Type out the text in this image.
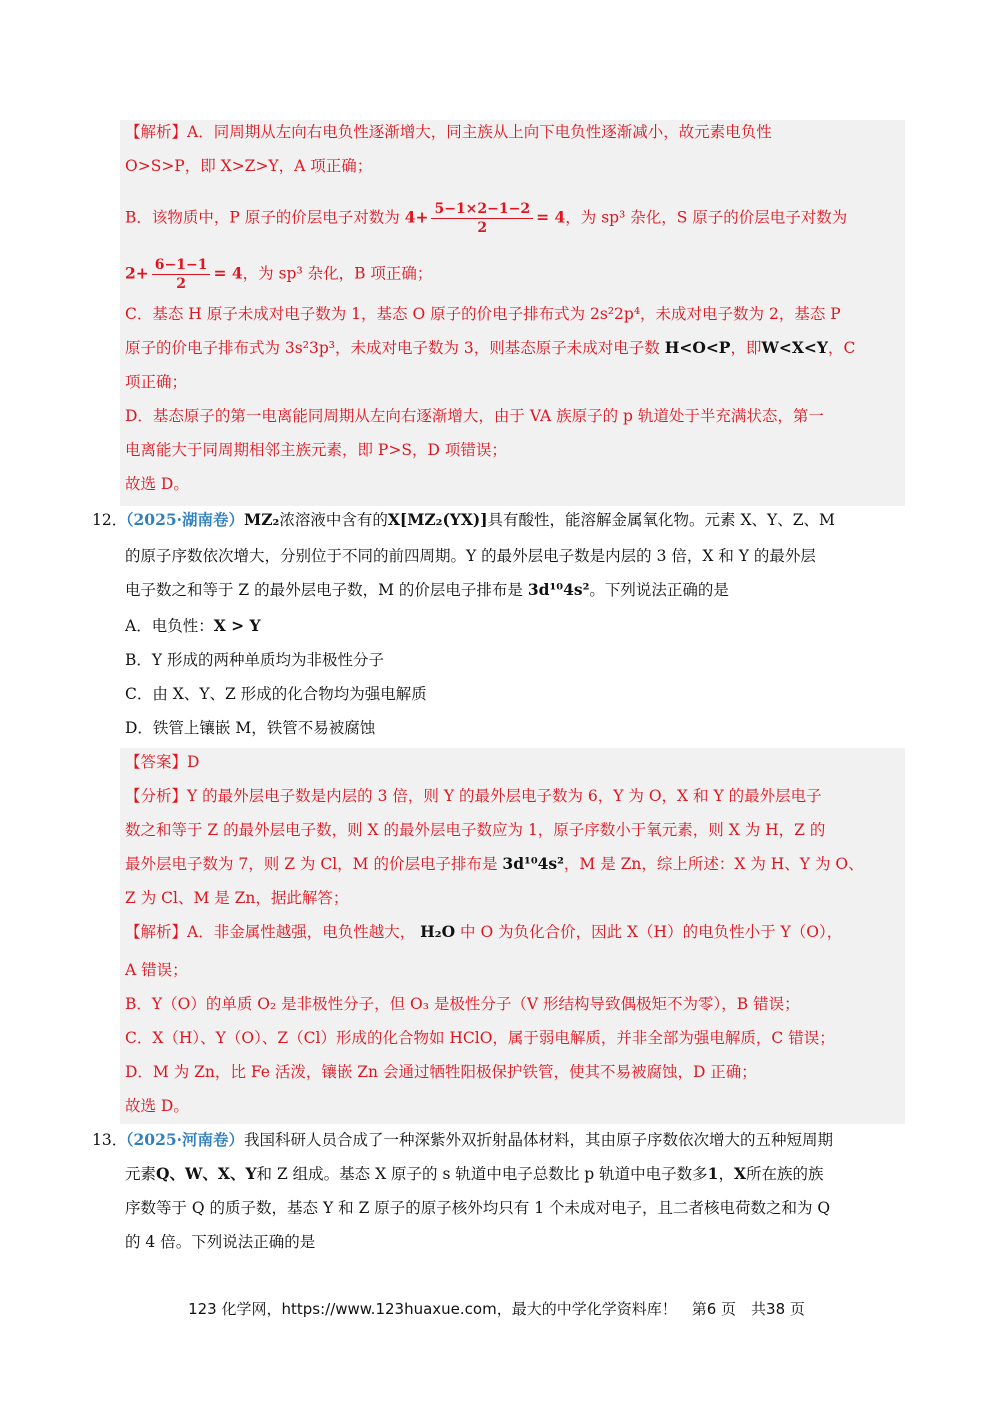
【解析】A．同周期从左向右电负性逐渐增大，同主族从上向下电负性逐渐减小，故元素电负性
O>S>P，即 X>Z>Y，A 项正确；
B．该物质中，P 原子的价层电子对数为 $4+ \frac{5-1\times 2-1-2}{2} = 4$，为 sp³ 杂化，S 原子的价层电子对数为
$2+ \frac{6-1-1}{2} = 4$，为 sp³ 杂化，B 项正确；
C．基态 H 原子未成对电子数为 1，基态 O 原子的价电子排布式为 2s²2p⁴，未成对电子数为 2，基态 P
原子的价电子排布式为 3s²3p³，未成对电子数为 3，则基态原子未成对电子数 H<O<P，即W<X<Y，C
项正确；
D．基态原子的第一电离能同周期从左向右逐渐增大，由于 VA 族原子的 p 轨道处于半充满状态，第一
电离能大于同周期相邻主族元素，即 P>S，D 项错误；
故选 D。
12．
（2025·湖南卷）MZ₂浓溶液中含有的X[MZ₂(YX)]具有酸性，能溶解金属氧化物。元素 X、Y、Z、M
的原子序数依次增大，分别位于不同的前四周期。Y 的最外层电子数是内层的 3 倍，X 和 Y 的最外层
电子数之和等于 Z 的最外层电子数，M 的价层电子排布是 3d¹⁰4s²。下列说法正确的是
A．电负性：X > Y
B．Y 形成的两种单质均为非极性分子
C．由 X、Y、Z 形成的化合物均为强电解质
D．铁管上镶嵌 M，铁管不易被腐蚀
【答案】D
【分析】Y 的最外层电子数是内层的 3 倍，则 Y 的最外层电子数为 6，Y 为 O，X 和 Y 的最外层电子
数之和等于 Z 的最外层电子数，则 X 的最外层电子数应为 1，原子序数小于氧元素，则 X 为 H，Z 的
最外层电子数为 7，则 Z 为 Cl，M 的价层电子排布是 3d¹⁰4s²，M 是 Zn，综上所述：X 为 H、Y 为 O、
Z 为 Cl、M 是 Zn，据此解答；
【解析】A．非金属性越强，电负性越大， H₂O 中 O 为负化合价，因此 X（H）的电负性小于 Y（O），
A 错误；
B．Y（O）的单质 O₂ 是非极性分子，但 O₃ 是极性分子（V 形结构导致偶极矩不为零），B 错误；
C．X（H）、Y（O）、Z（Cl）形成的化合物如 HClO，属于弱电解质，并非全部为强电解质，C 错误；
D．M 为 Zn，比 Fe 活泼，镶嵌 Zn 会通过牺牲阳极保护铁管，使其不易被腐蚀，D 正确；
故选 D。
13．
（2025·河南卷）我国科研人员合成了一种深紫外双折射晶体材料，其由原子序数依次增大的五种短周期
元素Q、W、X、Y和 Z 组成。基态 X 原子的 s 轨道中电子总数比 p 轨道中电子数多1，X所在族的族
序数等于 Q 的质子数，基态 Y 和 Z 原子的原子核外均只有 1 个未成对电子，且二者核电荷数之和为 Q
的 4 倍。下列说法正确的是
123 化学网，https://www.123huaxue.com，最大的中学化学资料库！　第6 页　共38 页
